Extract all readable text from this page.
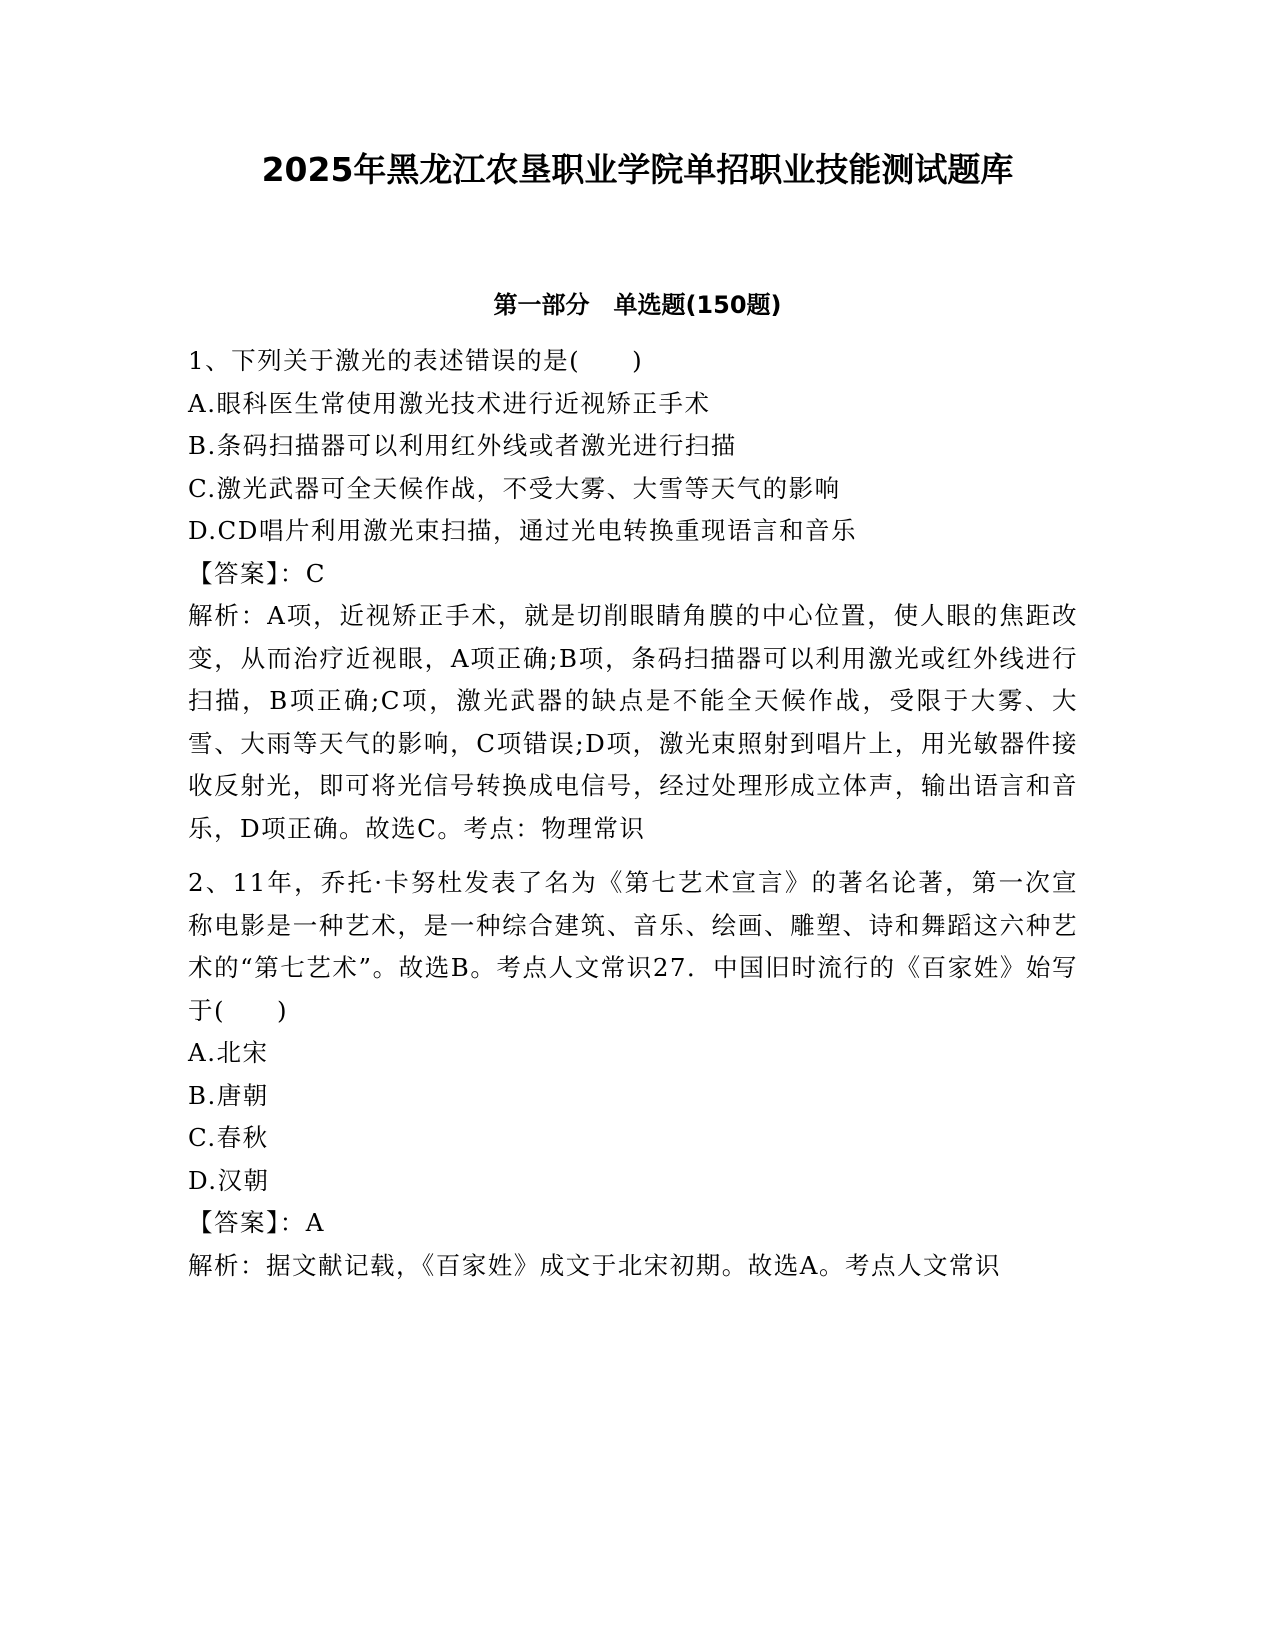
2025年黑龙江农垦职业学院单招职业技能测试题库
第一部分　单选题(150题)

1、下列关于激光的表述错误的是(　　)

A.眼科医生常使用激光技术进行近视矫正手术

B.条码扫描器可以利用红外线或者激光进行扫描

C.激光武器可全天候作战，不受大雾、大雪等天气的影响

D.CD唱片利用激光束扫描，通过光电转换重现语言和音乐

【答案】：C

解析：A项，近视矫正手术，就是切削眼睛角膜的中心位置，使人眼的焦距改变，从而治疗近视眼，A项正确;B项，条码扫描器可以利用激光或红外线进行扫描，B项正确;C项，激光武器的缺点是不能全天候作战，受限于大雾、大雪、大雨等天气的影响，C项错误;D项，激光束照射到唱片上，用光敏器件接收反射光，即可将光信号转换成电信号，经过处理形成立体声，输出语言和音乐，D项正确。故选C。考点：物理常识

2、11年，乔托·卡努杜发表了名为《第七艺术宣言》的著名论著，第一次宣称电影是一种艺术，是一种综合建筑、音乐、绘画、雕塑、诗和舞蹈这六种艺术的“第七艺术”。故选B。考点人文常识27．中国旧时流行的《百家姓》始写于(　　)

A.北宋

B.唐朝

C.春秋

D.汉朝

【答案】：A

解析：据文献记载，《百家姓》成文于北宋初期。故选A。考点人文常识
